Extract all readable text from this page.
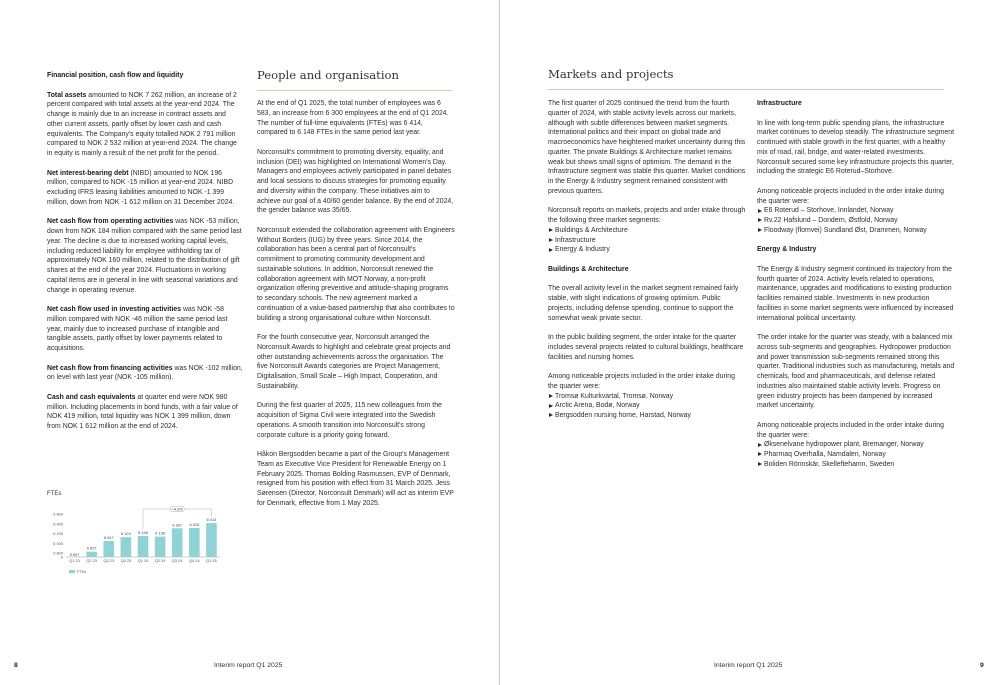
Financial position, cash flow and liquidity

Total assets amounted to NOK 7 262 million, an increase of 2 percent compared with total assets at the year-end 2024. The change is mainly due to an increase in contract assets and other current assets, partly offset by lower cash and cash equivalents. The Company's equity totalled NOK 2 791 million compared to NOK 2 532 million at year-end 2024. The change in equity is mainly a result of the net profit for the period.

Net interest-bearing debt (NIBD) amounted to NOK 196 million, compared to NOK -15 million at year-end 2024. NIBD excluding IFRS leasing liabilities amounted to NOK -1 399 million, down from NOK -1 612 million on 31 December 2024.

Net cash flow from operating activities was NOK -53 million, down from NOK 184 million compared with the same period last year. The decline is due to increased working capital levels, including reduced liability for employee withholding tax of approximately NOK 160 million, related to the distribution of gift shares at the end of the year 2024. Fluctuations in working capital items are in general in line with seasonal variations and change in operating revenue.

Net cash flow used in investing activities was NOK -58 million compared with NOK -46 million the same period last year, mainly due to increased purchase of intangible and tangible assets, partly offset by lower payments related to acquisitions.

Net cash flow from financing activities was NOK -102 million, on level with last year (NOK -105 million).

Cash and cash equivalents at quarter end were NOK 980 million. Including placements in bond funds, with a fair value of NOK 419 million, total liquidity was NOK 1 399 million, down from NOK 1 612 million at the end of 2024.

FTEs
0
5 800
6 000
6 200
6 400
6 600
5 697
Q1 23
5 827
Q2 23
6 047
Q3 23
6 124
Q4 23
6 148
Q1 24
6 136
Q2 24
6 307
Q3 24
6 315
Q4 24
6 414
Q1 25
+4.3%
FTEs
People and organisation

At the end of Q1 2025, the total number of employees was 6 583, an increase from 6 300 employees at the end of Q1 2024. The number of full-time equivalents (FTEs) was 6 414, compared to 6 148 FTEs in the same period last year.

Norconsult's commitment to promoting diversity, equality, and inclusion (DEI) was highlighted on International Women's Day. Managers and employees actively participated in panel debates and local sessions to discuss strategies for promoting equality and diversity within the company. These initiatives aim to achieve our goal of a 40/60 gender balance. By the end of 2024, the gender balance was 35/65.

Norconsult extended the collaboration agreement with Engineers Without Borders (IUG) by three years. Since 2014, the collaboration has been a central part of Norconsult's commitment to promoting community development and sustainable solutions. In addition, Norconsult renewed the collaboration agreement with MOT Norway, a non-profit organization offering preventive and attitude-shaping programs to secondary schools. The new agreement marked a continuation of a value-based partnership that also contributes to building a strong organisational culture within Norconsult.

For the fourth consecutive year, Norconsult arranged the Norconsult Awards to highlight and celebrate great projects and other outstanding achievements across the organisation. The five Norconsult Awards categories are Project Management, Digitalisation, Small Scale – High Impact, Cooperation, and Sustainability.

During the first quarter of 2025, 115 new colleagues from the acquisition of Sigma Civil were integrated into the Swedish operations. A smooth transition into Norconsult's strong corporate culture is a priority going forward.

Håkon Bergsodden became a part of the Group's Management Team as Executive Vice President for Renewable Energy on 1 February 2025. Thomas Bolding Rasmussen, EVP of Denmark, resigned from his position with effect from 31 March 2025. Jess Sørensen (Director, Norconsult Denmark) will act as interim EVP for Denmark, effective from 1 May 2025.

8	Interim report Q1 2025
Markets and projects

The first quarter of 2025 continued the trend from the fourth quarter of 2024, with stable activity levels across our markets, although with subtle differences between market segments. International politics and their impact on global trade and macroeconomics have heightened market uncertainty during this quarter. The private Buildings & Architecture market remains weak but shows small signs of optimism. The demand in the Infrastructure segment was stable this quarter. Market conditions in the Energy & Industry segment remained consistent with previous quarters.

Norconsult reports on markets, projects and order intake through the following three market segments:

Buildings & Architecture
Infrastructure
Energy & Industry

Buildings & Architecture

The overall activity level in the market segment remained fairly stable, with slight indications of growing optimism. Public projects, including defense spending, continue to support the somewhat weak private sector.

In the public building segment, the order intake for the quarter includes several projects related to cultural buildings, healthcare facilities and nursing homes.

Among noticeable projects included in the order intake during the quarter were:

Tromsø Kulturkvartal, Tromsø, Norway
Arctic Arena, Bodø, Norway
Bergsodden nursing home, Harstad, Norway

Infrastructure

In line with long-term public spending plans, the infrastructure market continues to develop steadily. The infrastructure segment continued with stable growth in the first quarter, with a healthy mix of road, rail, bridge, and water-related investments. Norconsult secured some key infrastructure projects this quarter, including the strategic E6 Roterud–Storhove.

Among noticeable projects included in the order intake during the quarter were:

E6 Roterud – Storhove, Innlandet, Norway
Rv.22 Hafslund – Dondern, Østfold, Norway
Floodway (flomvei) Sundland Øst, Drammen, Norway

Energy & Industry

The Energy & Industry segment continued its trajectory from the fourth quarter of 2024. Activity levels related to operations, maintenance, upgrades and modifications to existing production facilities remained stable. Investments in new production facilities in some market segments were influenced by increased international political uncertainty.

The order intake for the quarter was steady, with a balanced mix across sub-segments and geographies. Hydropower production and power transmission sub-segments remained strong this quarter. Traditional industries such as manufacturing, metals and chemicals, food and pharmaceuticals, and defense related industries also maintained stable activity levels. Progress on green industry projects has been dampened by increased market uncertainty.

Among noticeable projects included in the order intake during the quarter were:

Øksenelvane hydropower plant, Bremanger, Norway
Pharmaq Overhalla, Namdalen, Norway
Boliden Rönnskär, Skelleftehamn, Sweden
Interim report Q1 2025	9
